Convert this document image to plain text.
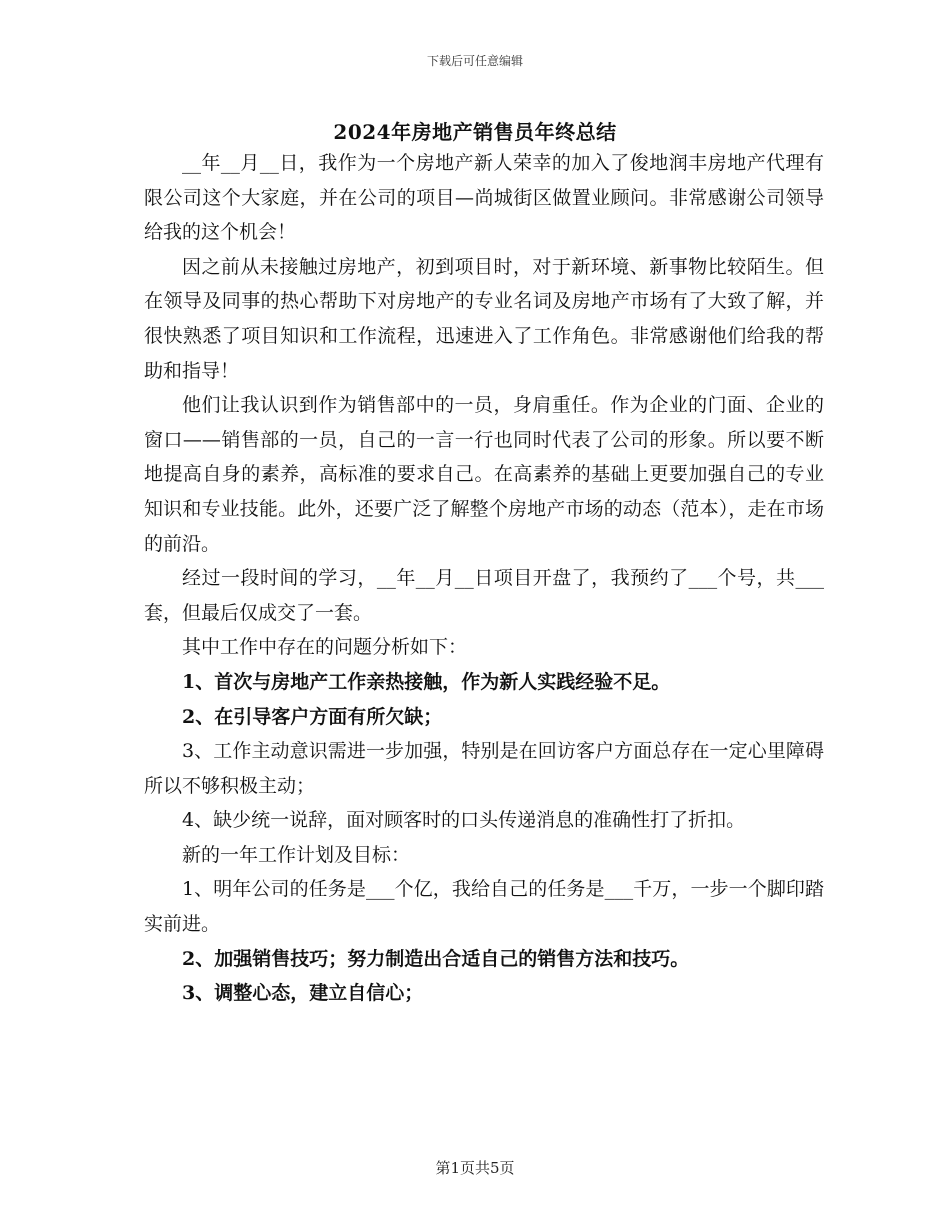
下载后可任意编辑
2024年房地产销售员年终总结

__年__月__日，我作为一个房地产新人荣幸的加入了俊地润丰房地产代理有限公司这个大家庭，并在公司的项目—尚城街区做置业顾问。非常感谢公司领导给我的这个机会！

因之前从未接触过房地产，初到项目时，对于新环境、新事物比较陌生。但在领导及同事的热心帮助下对房地产的专业名词及房地产市场有了大致了解，并很快熟悉了项目知识和工作流程，迅速进入了工作角色。非常感谢他们给我的帮助和指导！

他们让我认识到作为销售部中的一员，身肩重任。作为企业的门面、企业的窗口——销售部的一员，自己的一言一行也同时代表了公司的形象。所以要不断地提高自身的素养，高标准的要求自己。在高素养的基础上更要加强自己的专业知识和专业技能。此外，还要广泛了解整个房地产市场的动态（范本），走在市场的前沿。

经过一段时间的学习，__年__月__日项目开盘了，我预约了___个号，共___套，但最后仅成交了一套。

其中工作中存在的问题分析如下：

1、首次与房地产工作亲热接触，作为新人实践经验不足。

2、在引导客户方面有所欠缺；

3、工作主动意识需进一步加强，特别是在回访客户方面总存在一定心里障碍所以不够积极主动；

4、缺少统一说辞，面对顾客时的口头传递消息的准确性打了折扣。

新的一年工作计划及目标：

1、明年公司的任务是___个亿，我给自己的任务是___千万，一步一个脚印踏实前进。

2、加强销售技巧；努力制造出合适自己的销售方法和技巧。

3、调整心态，建立自信心；

第1页共5页
